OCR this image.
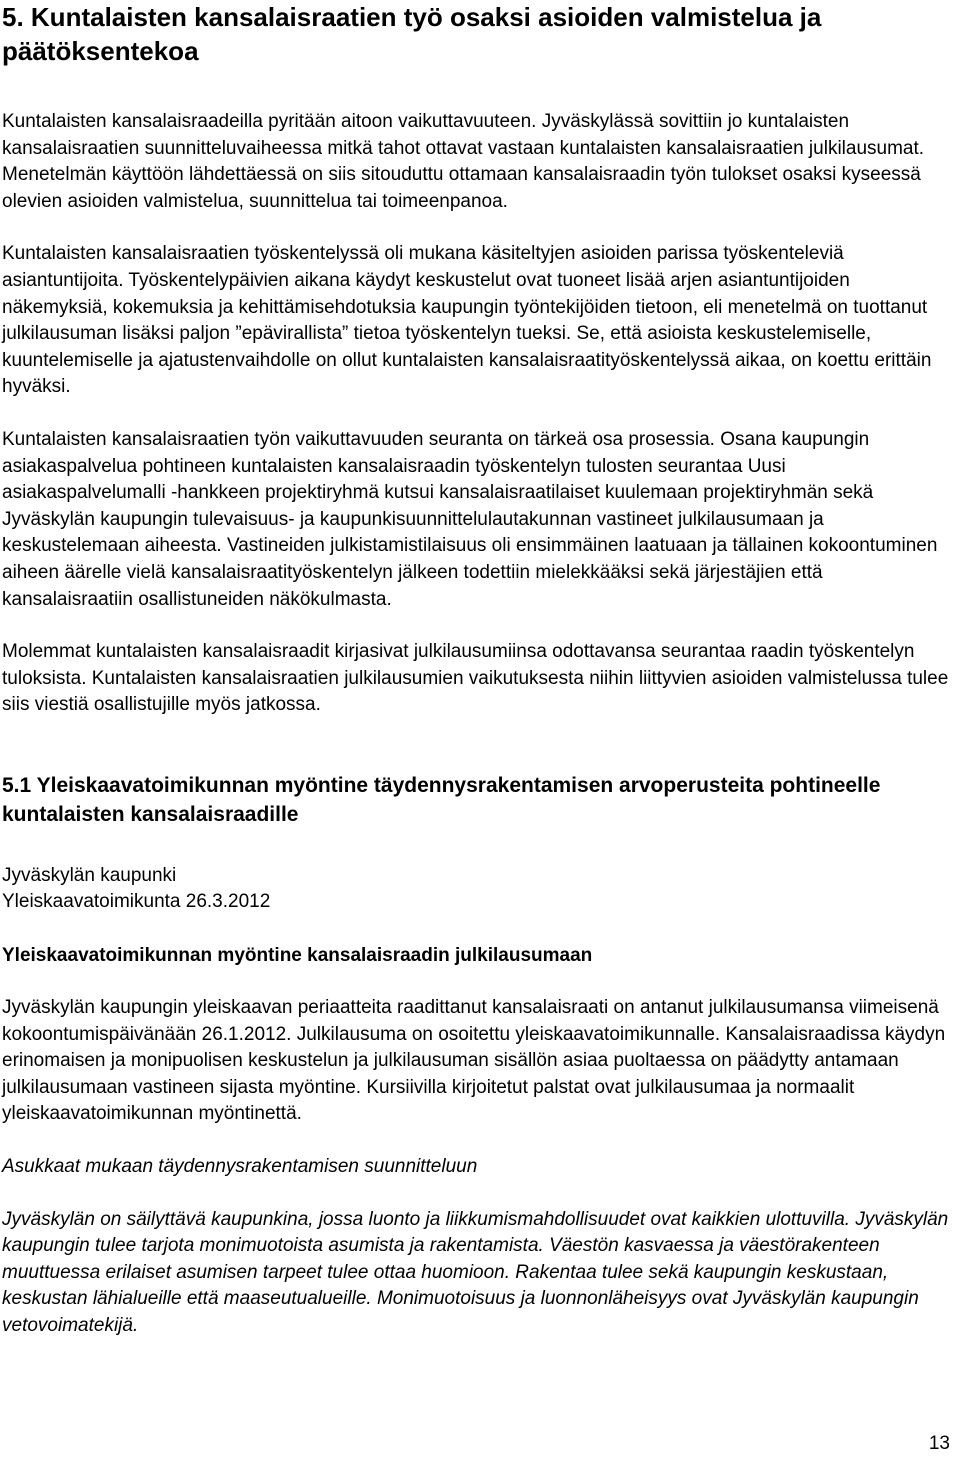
5. Kuntalaisten kansalaisraatien työ osaksi asioiden valmistelua ja päätöksentekoa

Kuntalaisten kansalaisraadeilla pyritään aitoon vaikuttavuuteen. Jyväskylässä sovittiin jo kuntalaisten kansalaisraatien suunnitteluvaiheessa mitkä tahot ottavat vastaan kuntalaisten kansalaisraatien julkilausumat. Menetelmän käyttöön lähdettäessä on siis sitouduttu ottamaan kansalaisraadin työn tulokset osaksi kyseessä olevien asioiden valmistelua, suunnittelua tai toimeenpanoa.

Kuntalaisten kansalaisraatien työskentelyssä oli mukana käsiteltyjen asioiden parissa työskenteleviä asiantuntijoita. Työskentelypäivien aikana käydyt keskustelut ovat tuoneet lisää arjen asiantuntijoiden näkemyksiä, kokemuksia ja kehittämisehdotuksia kaupungin työntekijöiden tietoon, eli menetelmä on tuottanut julkilausuman lisäksi paljon ”epävirallista” tietoa työskentelyn tueksi. Se, että asioista keskustelemiselle, kuuntelemiselle ja ajatustenvaihdolle on ollut kuntalaisten kansalaisraatityöskentelyssä aikaa, on koettu erittäin hyväksi.

Kuntalaisten kansalaisraatien työn vaikuttavuuden seuranta on tärkeä osa prosessia. Osana kaupungin asiakaspalvelua pohtineen kuntalaisten kansalaisraadin työskentelyn tulosten seurantaa Uusi asiakaspalvelumalli -hankkeen projektiryhmä kutsui kansalaisraatilaiset kuulemaan projektiryhmän sekä Jyväskylän kaupungin tulevaisuus- ja kaupunkisuunnittelulautakunnan vastineet julkilausumaan ja keskustelemaan aiheesta. Vastineiden julkistamistilaisuus oli ensimmäinen laatuaan ja tällainen kokoontuminen aiheen äärelle vielä kansalaisraatityöskentelyn jälkeen todettiin mielekkääksi sekä järjestäjien että kansalaisraatiin osallistuneiden näkökulmasta.

Molemmat kuntalaisten kansalaisraadit kirjasivat julkilausumiinsa odottavansa seurantaa raadin työskentelyn tuloksista. Kuntalaisten kansalaisraatien julkilausumien vaikutuksesta niihin liittyvien asioiden valmistelussa tulee siis viestiä osallistujille myös jatkossa.

5.1 Yleiskaavatoimikunnan myöntine täydennysrakentamisen arvoperusteita pohtineelle kuntalaisten kansalaisraadille

Jyväskylän kaupunki

Yleiskaavatoimikunta 26.3.2012

Yleiskaavatoimikunnan myöntine kansalaisraadin julkilausumaan

Jyväskylän kaupungin yleiskaavan periaatteita raadittanut kansalaisraati on antanut julkilausumansa viimeisenä kokoontumispäivänään 26.1.2012. Julkilausuma on osoitettu yleiskaavatoimikunnalle. Kansalaisraadissa käydyn erinomaisen ja monipuolisen keskustelun ja julkilausuman sisällön asiaa puoltaessa on päädytty antamaan julkilausumaan vastineen sijasta myöntine. Kursiivilla kirjoitetut palstat ovat julkilausumaa ja normaalit yleiskaavatoimikunnan myöntinettä.

Asukkaat mukaan täydennysrakentamisen suunnitteluun

Jyväskylän on säilyttävä kaupunkina, jossa luonto ja liikkumismahdollisuudet ovat kaikkien ulottuvilla. Jyväskylän kaupungin tulee tarjota monimuotoista asumista ja rakentamista. Väestön kasvaessa ja väestörakenteen muuttuessa erilaiset asumisen tarpeet tulee ottaa huomioon. Rakentaa tulee sekä kaupungin keskustaan, keskustan lähialueille että maaseutualueille. Monimuotoisuus ja luonnonläheisyys ovat Jyväskylän kaupungin vetovoimatekijä.

13
